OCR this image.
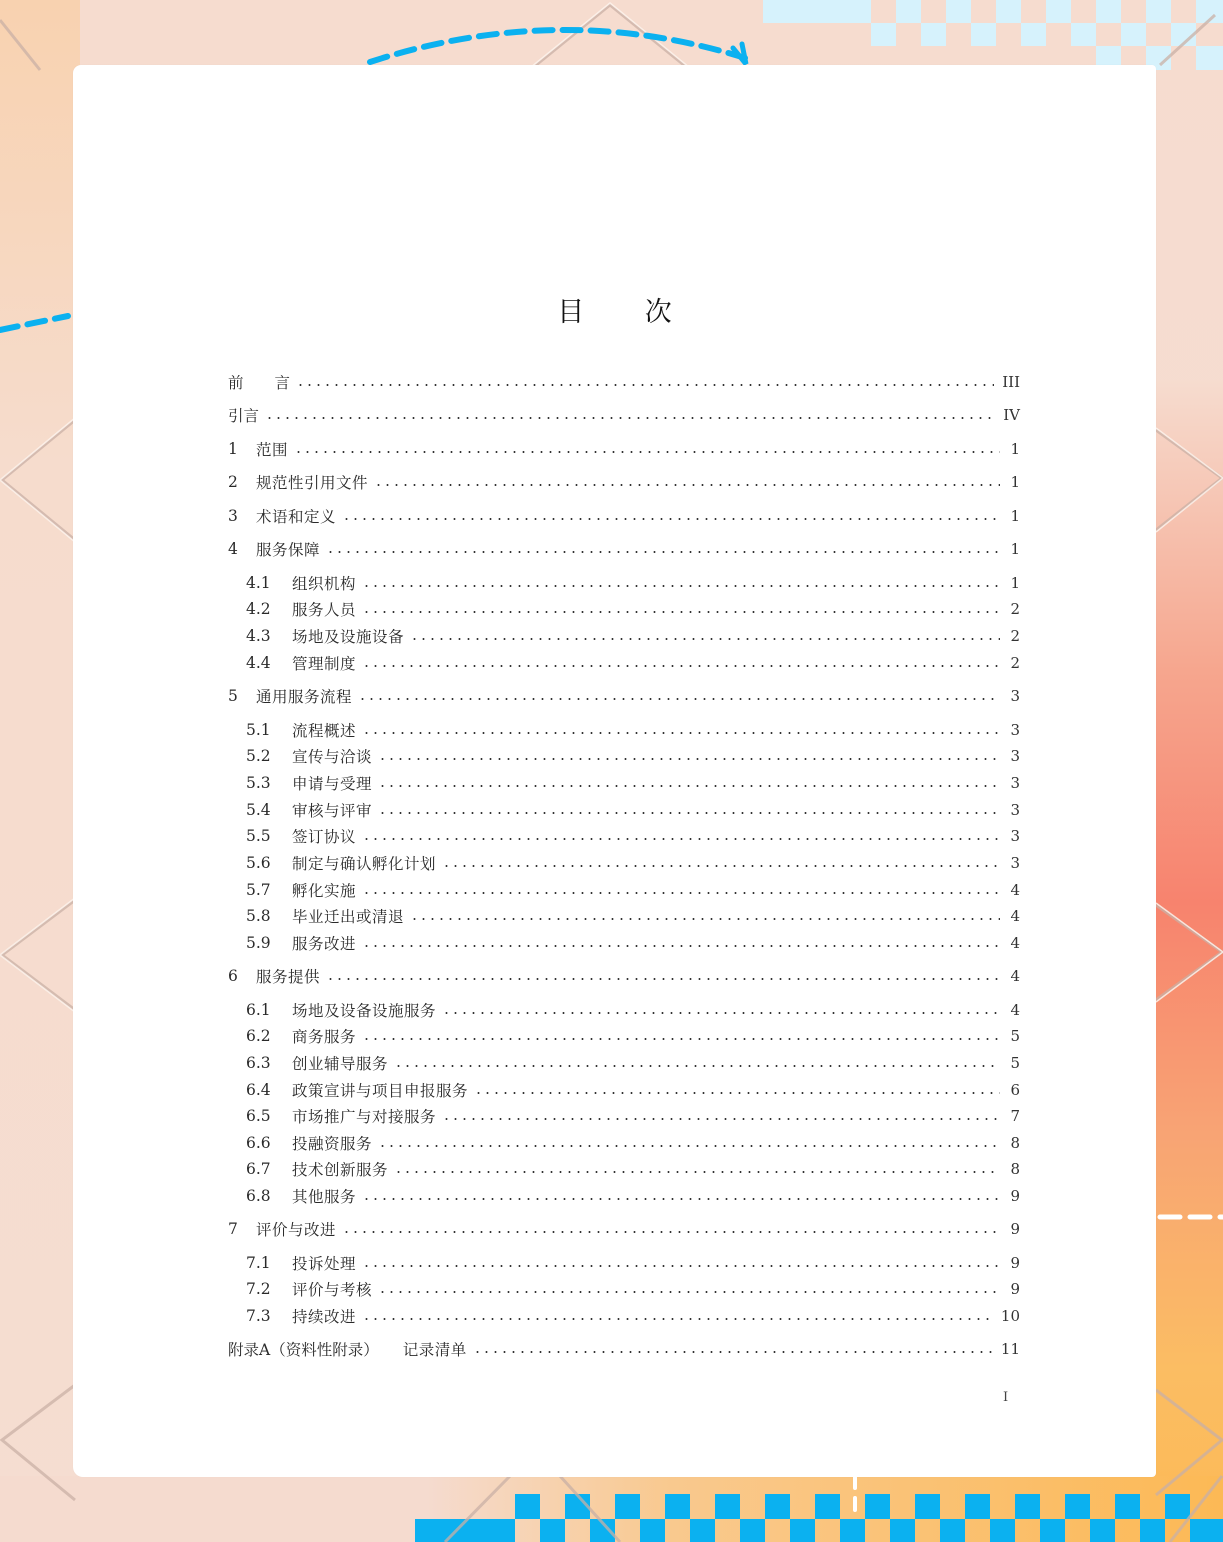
目 次
前　　言	III
引言	IV
1	范围	1
2	规范性引用文件	1
3	术语和定义	1
4	服务保障	1
4.1	组织机构	1
4.2	服务人员	2
4.3	场地及设施设备	2
4.4	管理制度	2
5	通用服务流程	3
5.1	流程概述	3
5.2	宣传与洽谈	3
5.3	申请与受理	3
5.4	审核与评审	3
5.5	签订协议	3
5.6	制定与确认孵化计划	3
5.7	孵化实施	4
5.8	毕业迁出或清退	4
5.9	服务改进	4
6	服务提供	4
6.1	场地及设备设施服务	4
6.2	商务服务	5
6.3	创业辅导服务	5
6.4	政策宣讲与项目申报服务	6
6.5	市场推广与对接服务	7
6.6	投融资服务	8
6.7	技术创新服务	8
6.8	其他服务	9
7	评价与改进	9
7.1	投诉处理	9
7.2	评价与考核	9
7.3	持续改进	10
附录A（资料性附录） 记录清单	11
I
